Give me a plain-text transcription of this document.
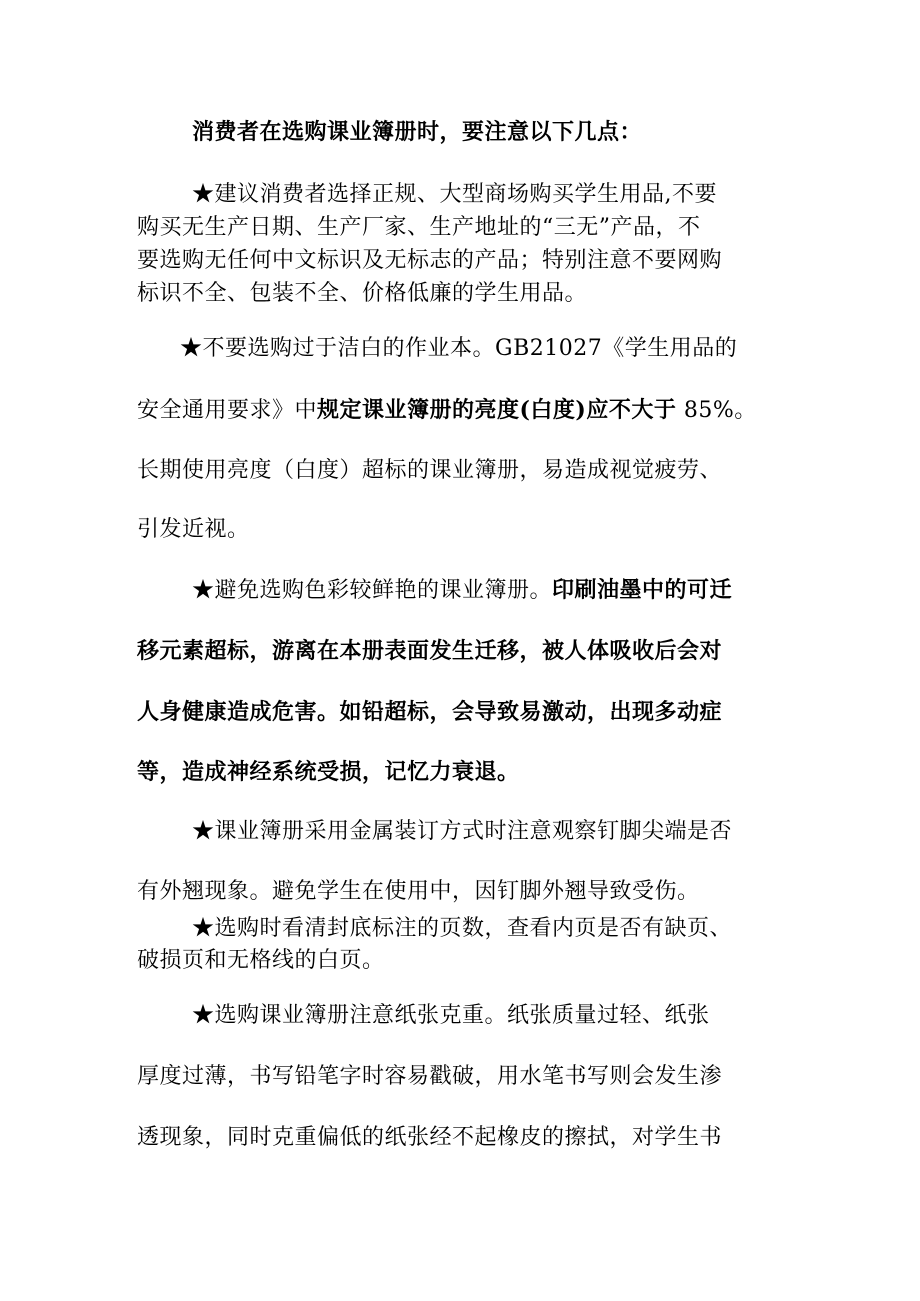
消费者在选购课业簿册时，要注意以下几点：
★建议消费者选择正规、大型商场购买学生用品,不要
购买无生产日期、生产厂家、生产地址的“三无”产品，不
要选购无任何中文标识及无标志的产品；特别注意不要网购
标识不全、包装不全、价格低廉的学生用品。
★不要选购过于洁白的作业本。GB21027《学生用品的
安全通用要求》中规定课业簿册的亮度(白度)应不大于 85%。
长期使用亮度（白度）超标的课业簿册，易造成视觉疲劳、
引发近视。
★避免选购色彩较鲜艳的课业簿册。印刷油墨中的可迁
移元素超标，游离在本册表面发生迁移，被人体吸收后会对
人身健康造成危害。如铅超标，会导致易激动，出现多动症
等，造成神经系统受损，记忆力衰退。
★课业簿册采用金属装订方式时注意观察钉脚尖端是否
有外翘现象。避免学生在使用中，因钉脚外翘导致受伤。
★选购时看清封底标注的页数，查看内页是否有缺页、
破损页和无格线的白页。
★选购课业簿册注意纸张克重。纸张质量过轻、纸张
厚度过薄，书写铅笔字时容易戳破，用水笔书写则会发生渗
透现象，同时克重偏低的纸张经不起橡皮的擦拭，对学生书
